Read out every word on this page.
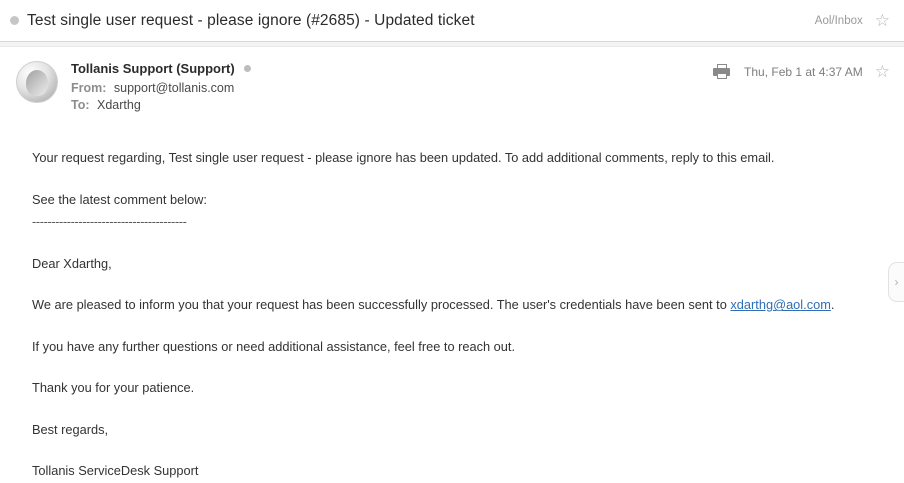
Test single user request - please ignore (#2685) - Updated ticket	Aol/Inbox ☆
Tollanis Support (Support)
From: support@tollanis.com
To: Xdarthg
Thu, Feb 1 at 4:37 AM ☆

Your request regarding, Test single user request - please ignore has been updated. To add additional comments, reply to this email.

See the latest comment below:

----------------------------------------

Dear Xdarthg,

We are pleased to inform you that your request has been successfully processed. The user's credentials have been sent to xdarthg@aol.com.

If you have any further questions or need additional assistance, feel free to reach out.

Thank you for your patience.

Best regards,

Tollanis ServiceDesk Support

›
